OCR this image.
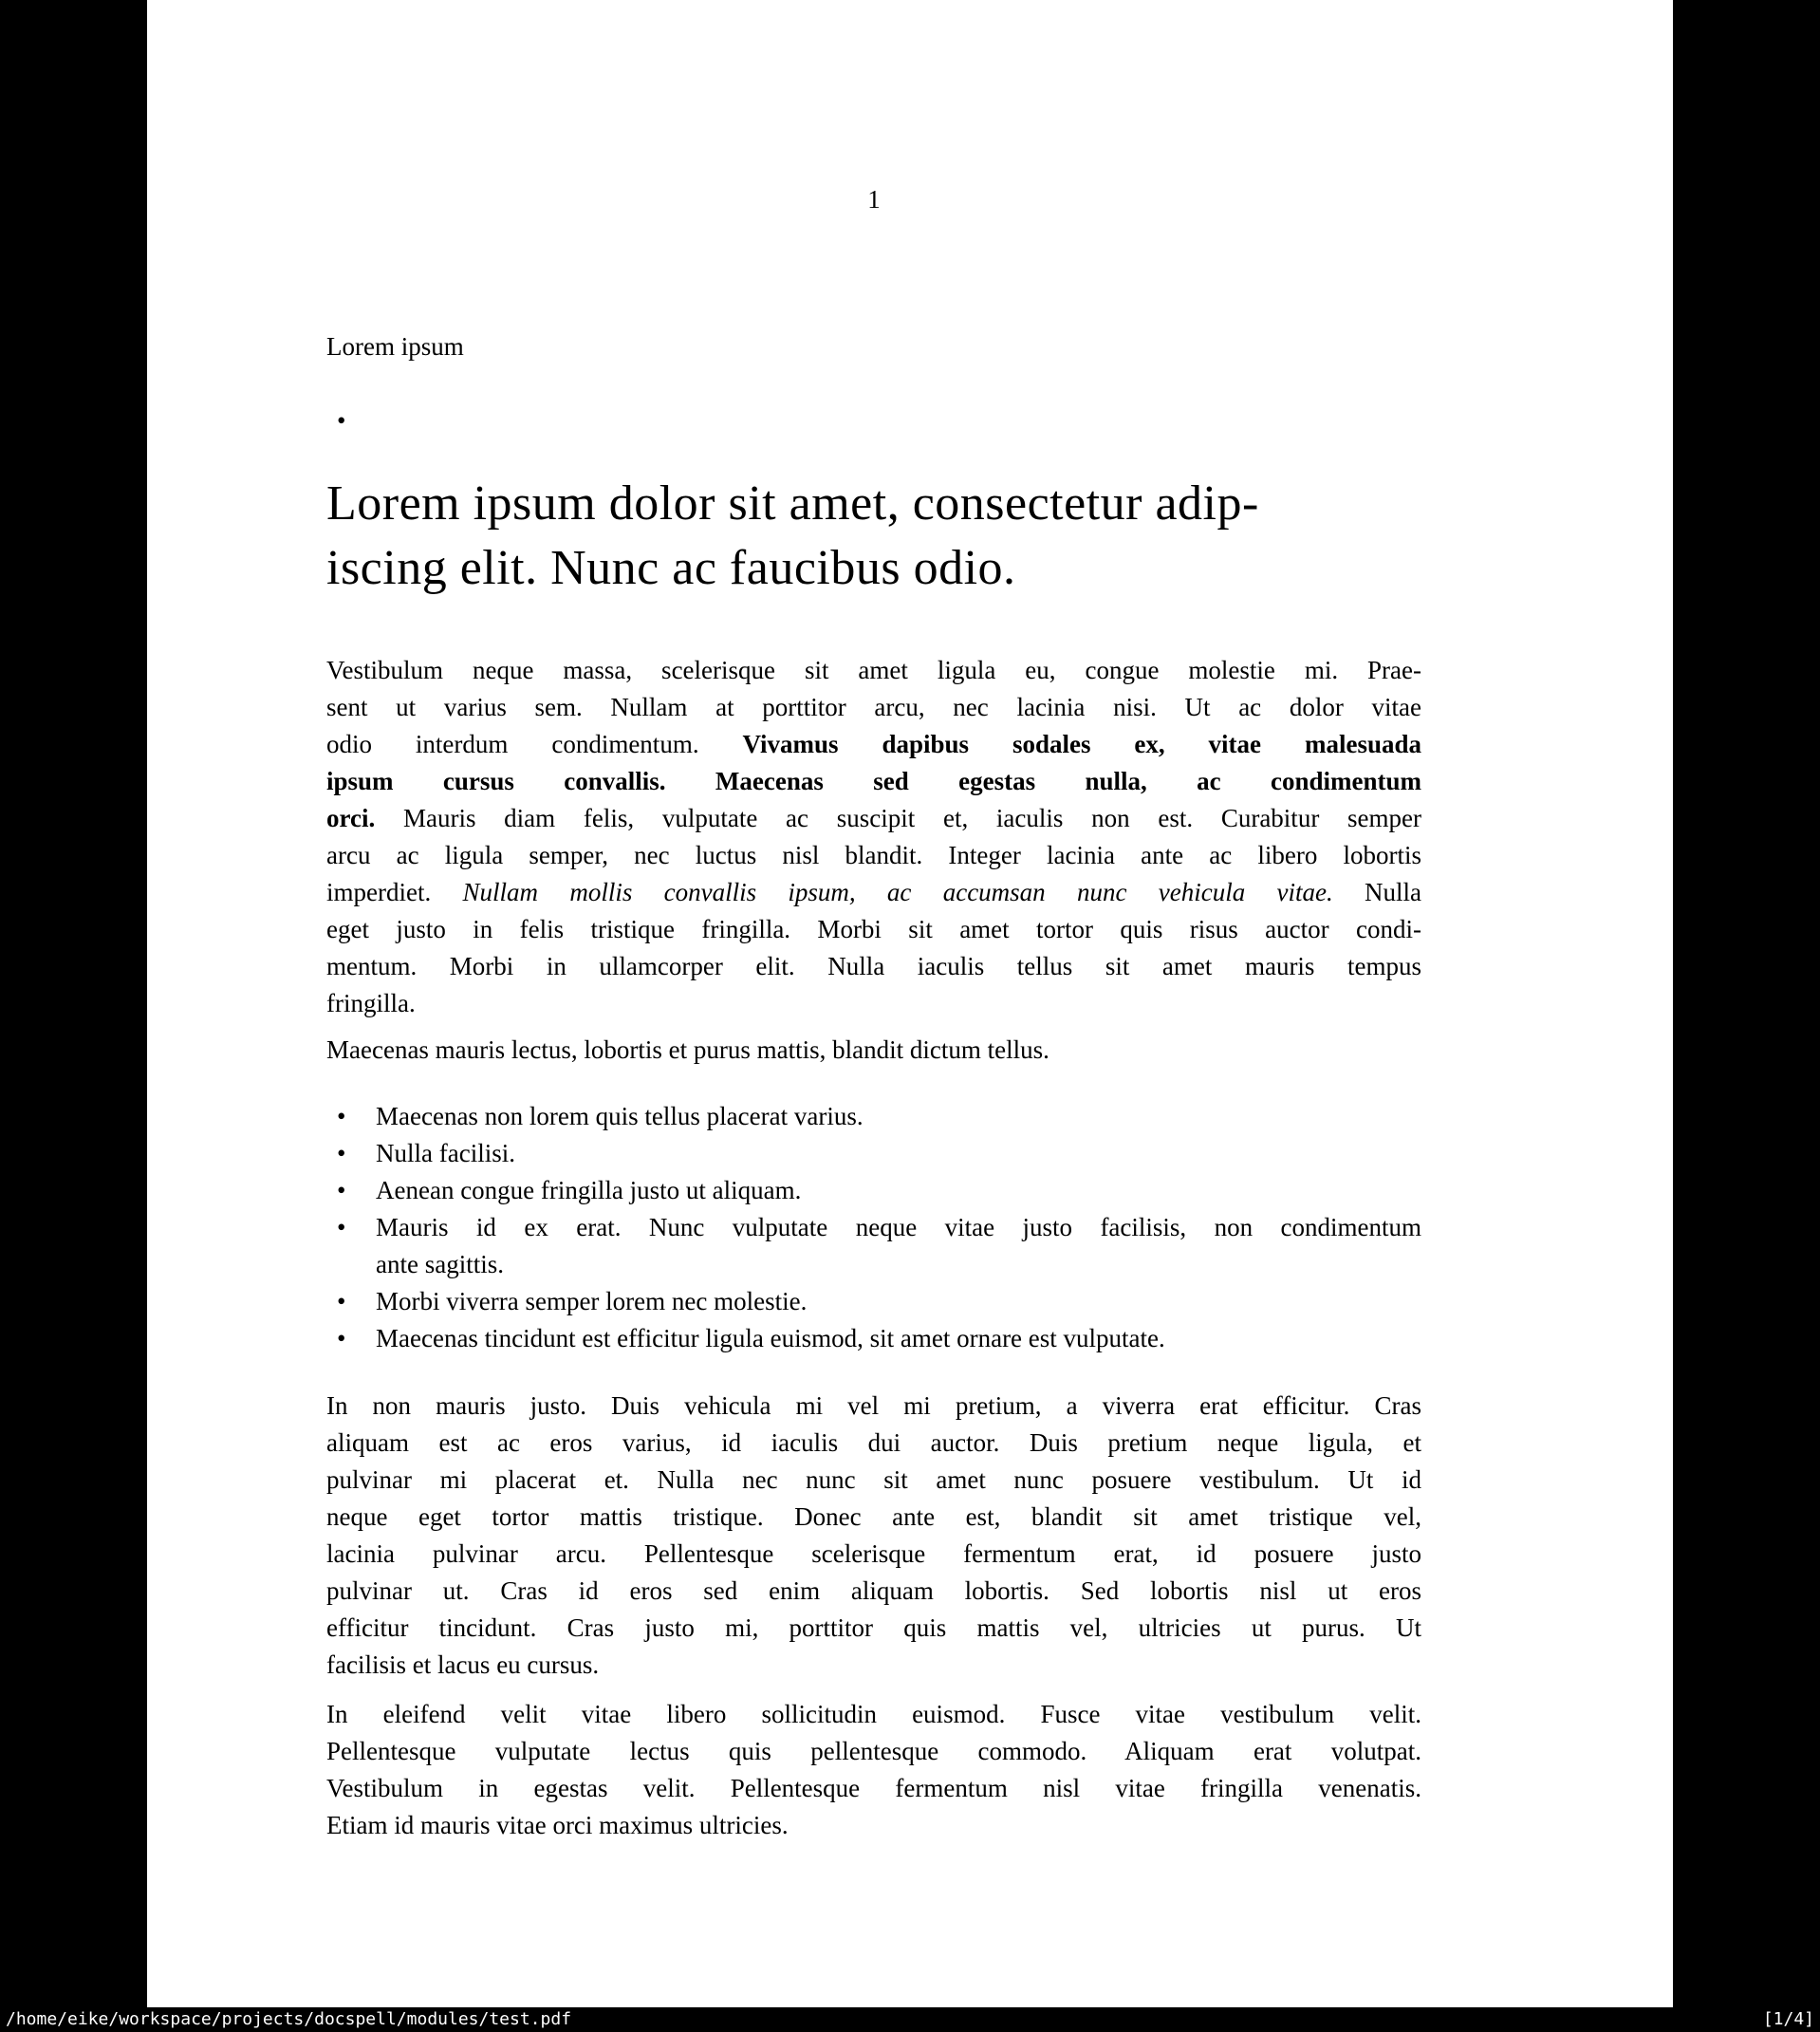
1
Lorem ipsum
•
Lorem ipsum dolor sit amet, consectetur adip-
iscing elit. Nunc ac faucibus odio.
Vestibulum neque massa, scelerisque sit amet ligula eu, congue molestie mi. Prae-
sent ut varius sem. Nullam at porttitor arcu, nec lacinia nisi. Ut ac dolor vitae
odio interdum condimentum. Vivamus dapibus sodales ex, vitae malesuada
ipsum cursus convallis. Maecenas sed egestas nulla, ac condimentum
orci. Mauris diam felis, vulputate ac suscipit et, iaculis non est. Curabitur semper
arcu ac ligula semper, nec luctus nisl blandit. Integer lacinia ante ac libero lobortis
imperdiet. Nullam mollis convallis ipsum, ac accumsan nunc vehicula vitae. Nulla
eget justo in felis tristique fringilla. Morbi sit amet tortor quis risus auctor condi-
mentum. Morbi in ullamcorper elit. Nulla iaculis tellus sit amet mauris tempus
fringilla.
Maecenas mauris lectus, lobortis et purus mattis, blandit dictum tellus.
•	Maecenas non lorem quis tellus placerat varius.
•	Nulla facilisi.
•	Aenean congue fringilla justo ut aliquam.
•	Mauris id ex erat. Nunc vulputate neque vitae justo facilisis, non condimentum
ante sagittis.
•	Morbi viverra semper lorem nec molestie.
•	Maecenas tincidunt est efficitur ligula euismod, sit amet ornare est vulputate.
In non mauris justo. Duis vehicula mi vel mi pretium, a viverra erat efficitur. Cras
aliquam est ac eros varius, id iaculis dui auctor. Duis pretium neque ligula, et
pulvinar mi placerat et. Nulla nec nunc sit amet nunc posuere vestibulum. Ut id
neque eget tortor mattis tristique. Donec ante est, blandit sit amet tristique vel,
lacinia pulvinar arcu. Pellentesque scelerisque fermentum erat, id posuere justo
pulvinar ut. Cras id eros sed enim aliquam lobortis. Sed lobortis nisl ut eros
efficitur tincidunt. Cras justo mi, porttitor quis mattis vel, ultricies ut purus. Ut
facilisis et lacus eu cursus.
In eleifend velit vitae libero sollicitudin euismod. Fusce vitae vestibulum velit.
Pellentesque vulputate lectus quis pellentesque commodo. Aliquam erat volutpat.
Vestibulum in egestas velit. Pellentesque fermentum nisl vitae fringilla venenatis.
Etiam id mauris vitae orci maximus ultricies.
/home/eike/workspace/projects/docspell/modules/test.pdf	[1/4]
